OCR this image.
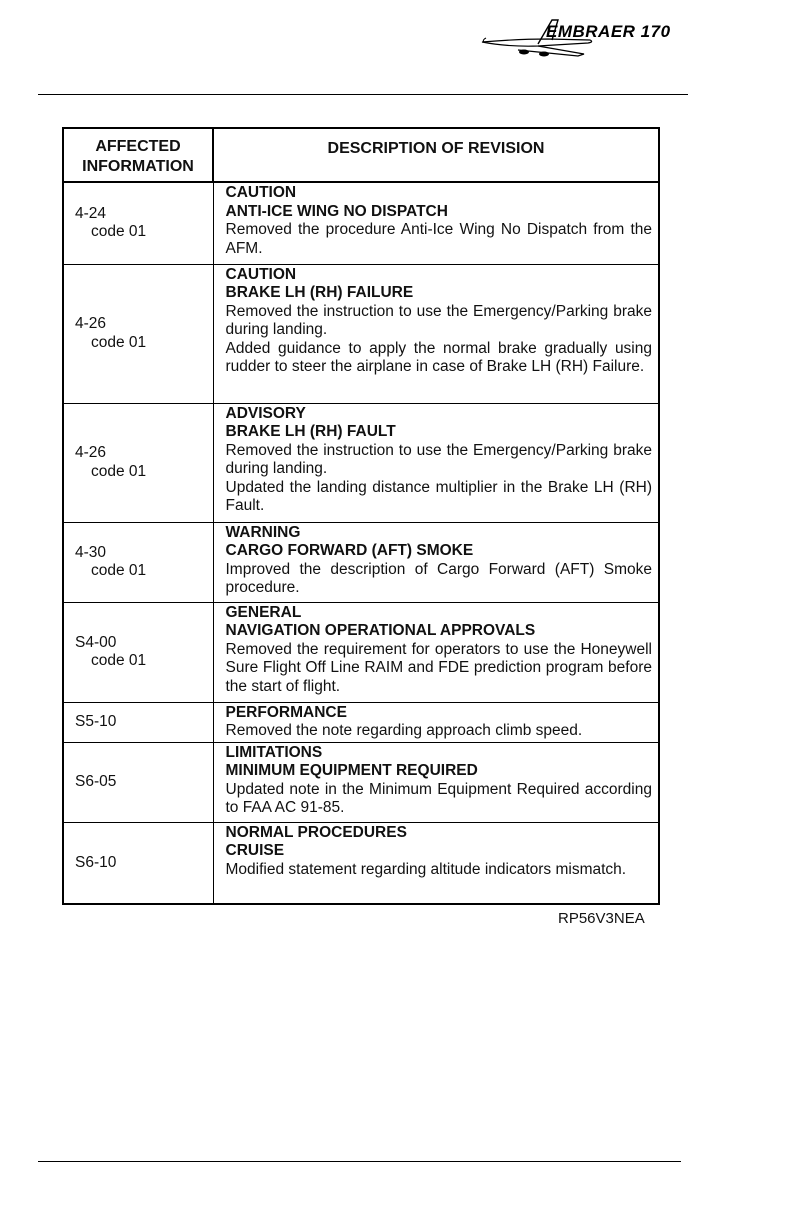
EMBRAER 170
AFFECTED
INFORMATION	DESCRIPTION OF REVISION

4-24
code 01	CAUTION
ANTI-ICE WING NO DISPATCH
Removed the procedure Anti-Ice Wing No Dispatch from the AFM.

4-26
code 01	CAUTION
BRAKE LH (RH) FAILURE
Removed the instruction to use the Emergency/Parking brake during landing.
Added guidance to apply the normal brake gradually using rudder to steer the airplane in case of Brake LH (RH) Failure.

4-26
code 01	ADVISORY
BRAKE LH (RH) FAULT
Removed the instruction to use the Emergency/Parking brake during landing.
Updated the landing distance multiplier in the Brake LH (RH) Fault.

4-30
code 01	WARNING
CARGO FORWARD (AFT) SMOKE
Improved the description of Cargo Forward (AFT) Smoke procedure.

S4-00
code 01	GENERAL
NAVIGATION OPERATIONAL APPROVALS
Removed the requirement for operators to use the Honeywell Sure Flight Off Line RAIM and FDE prediction program before the start of flight.

S5-10	PERFORMANCE
Removed the note regarding approach climb speed.

S6-05	LIMITATIONS
MINIMUM EQUIPMENT REQUIRED
Updated note in the Minimum Equipment Required according to FAA AC 91-85.

S6-10	NORMAL PROCEDURES
CRUISE
Modified statement regarding altitude indicators mismatch.
RP56V3NEA
